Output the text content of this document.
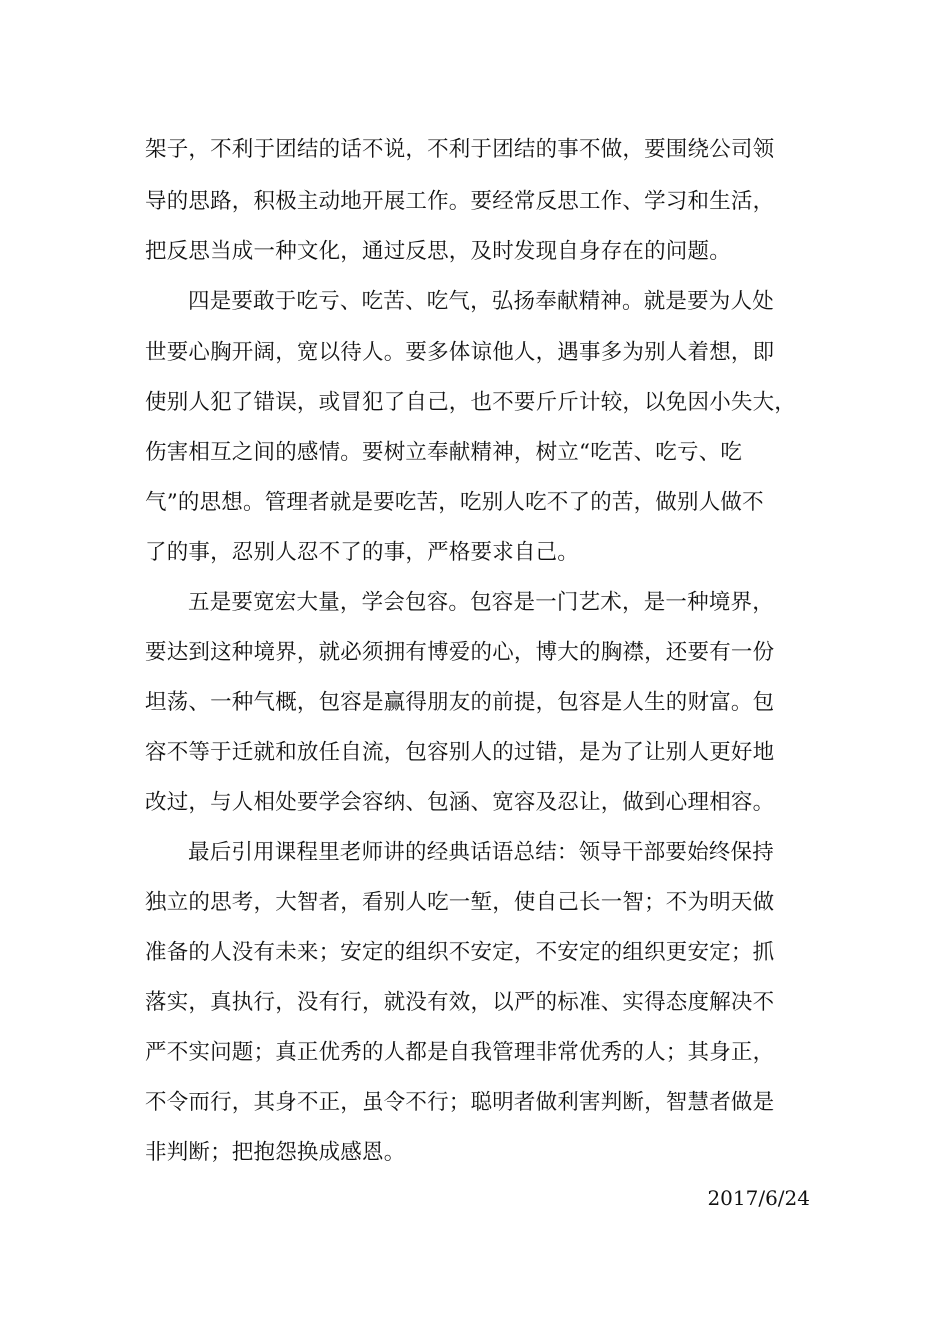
架子，不利于团结的话不说，不利于团结的事不做，要围绕公司领
导的思路，积极主动地开展工作。要经常反思工作、学习和生活，
把反思当成一种文化，通过反思，及时发现自身存在的问题。
四是要敢于吃亏、吃苦、吃气，弘扬奉献精神。就是要为人处
世要心胸开阔，宽以待人。要多体谅他人，遇事多为别人着想，即
使别人犯了错误，或冒犯了自己，也不要斤斤计较，以免因小失大，
伤害相互之间的感情。要树立奉献精神，树立“吃苦、吃亏、吃
气”的思想。管理者就是要吃苦，吃别人吃不了的苦，做别人做不
了的事，忍别人忍不了的事，严格要求自己。
五是要宽宏大量，学会包容。包容是一门艺术，是一种境界，
要达到这种境界，就必须拥有博爱的心，博大的胸襟，还要有一份
坦荡、一种气概，包容是赢得朋友的前提，包容是人生的财富。包
容不等于迁就和放任自流，包容别人的过错，是为了让别人更好地
改过，与人相处要学会容纳、包涵、宽容及忍让，做到心理相容。
最后引用课程里老师讲的经典话语总结：领导干部要始终保持
独立的思考，大智者，看别人吃一堑，使自己长一智；不为明天做
准备的人没有未来；安定的组织不安定，不安定的组织更安定；抓
落实，真执行，没有行，就没有效，以严的标准、实得态度解决不
严不实问题；真正优秀的人都是自我管理非常优秀的人；其身正，
不令而行，其身不正，虽令不行；聪明者做利害判断，智慧者做是
非判断；把抱怨换成感恩。
2017/6/24
